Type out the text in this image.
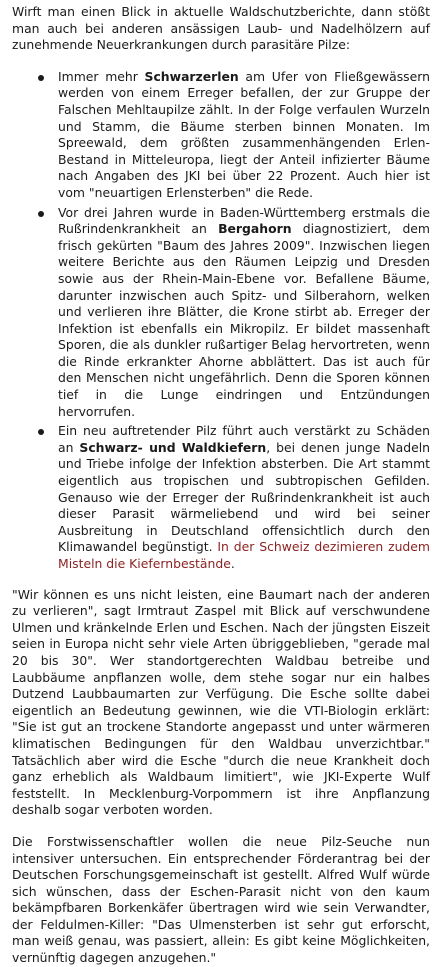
Wirft man einen Blick in aktuelle Waldschutzberichte, dann stößt man auch bei anderen ansässigen Laub- und Nadelhölzern auf zunehmende Neuerkrankungen durch parasitäre Pilze:

Immer mehr Schwarzerlen am Ufer von Fließgewässern werden von einem Erreger befallen, der zur Gruppe der Falschen Mehltaupilze zählt. In der Folge verfaulen Wurzeln und Stamm, die Bäume sterben binnen Monaten. Im Spreewald, dem größten zusammenhängenden Erlen-Bestand in Mitteleuropa, liegt der Anteil infizierter Bäume nach Angaben des JKI bei über 22 Prozent. Auch hier ist vom "neuartigen Erlensterben" die Rede.
Vor drei Jahren wurde in Baden-Württemberg erstmals die Rußrindenkrankheit an Bergahorn diagnostiziert, dem frisch gekürten "Baum des Jahres 2009". Inzwischen liegen weitere Berichte aus den Räumen Leipzig und Dresden sowie aus der Rhein-Main-Ebene vor. Befallene Bäume, darunter inzwischen auch Spitz- und Silberahorn, welken und verlieren ihre Blätter, die Krone stirbt ab. Erreger der Infektion ist ebenfalls ein Mikropilz. Er bildet massenhaft Sporen, die als dunkler rußartiger Belag hervortreten, wenn die Rinde erkrankter Ahorne abblättert. Das ist auch für den Menschen nicht ungefährlich. Denn die Sporen können tief in die Lunge eindringen und Entzündungen hervorrufen.
Ein neu auftretender Pilz führt auch verstärkt zu Schäden an Schwarz- und Waldkiefern, bei denen junge Nadeln und Triebe infolge der Infektion absterben. Die Art stammt eigentlich aus tropischen und subtropischen Gefilden. Genauso wie der Erreger der Rußrindenkrankheit ist auch dieser Parasit wärmeliebend und wird bei seiner Ausbreitung in Deutschland offensichtlich durch den Klimawandel begünstigt. In der Schweiz dezimieren zudem Misteln die Kiefernbestände.

"Wir können es uns nicht leisten, eine Baumart nach der anderen zu verlieren", sagt Irmtraut Zaspel mit Blick auf verschwundene Ulmen und kränkelnde Erlen und Eschen. Nach der jüngsten Eiszeit seien in Europa nicht sehr viele Arten übriggeblieben, "gerade mal 20 bis 30". Wer standortgerechten Waldbau betreibe und Laubbäume anpflanzen wolle, dem stehe sogar nur ein halbes Dutzend Laubbaumarten zur Verfügung. Die Esche sollte dabei eigentlich an Bedeutung gewinnen, wie die VTI-Biologin erklärt: "Sie ist gut an trockene Standorte angepasst und unter wärmeren klimatischen Bedingungen für den Waldbau unverzichtbar." Tatsächlich aber wird die Esche "durch die neue Krankheit doch ganz erheblich als Waldbaum limitiert", wie JKI-Experte Wulf feststellt. In Mecklenburg-Vorpommern ist ihre Anpflanzung deshalb sogar verboten worden.

Die Forstwissenschaftler wollen die neue Pilz-Seuche nun intensiver untersuchen. Ein entsprechender Förderantrag bei der Deutschen Forschungsgemeinschaft ist gestellt. Alfred Wulf würde sich wünschen, dass der Eschen-Parasit nicht von den kaum bekämpfbaren Borkenkäfer übertragen wird wie sein Verwandter, der Feldulmen-Killer: "Das Ulmensterben ist sehr gut erforscht, man weiß genau, was passiert, allein: Es gibt keine Möglichkeiten, vernünftig dagegen anzugehen."
